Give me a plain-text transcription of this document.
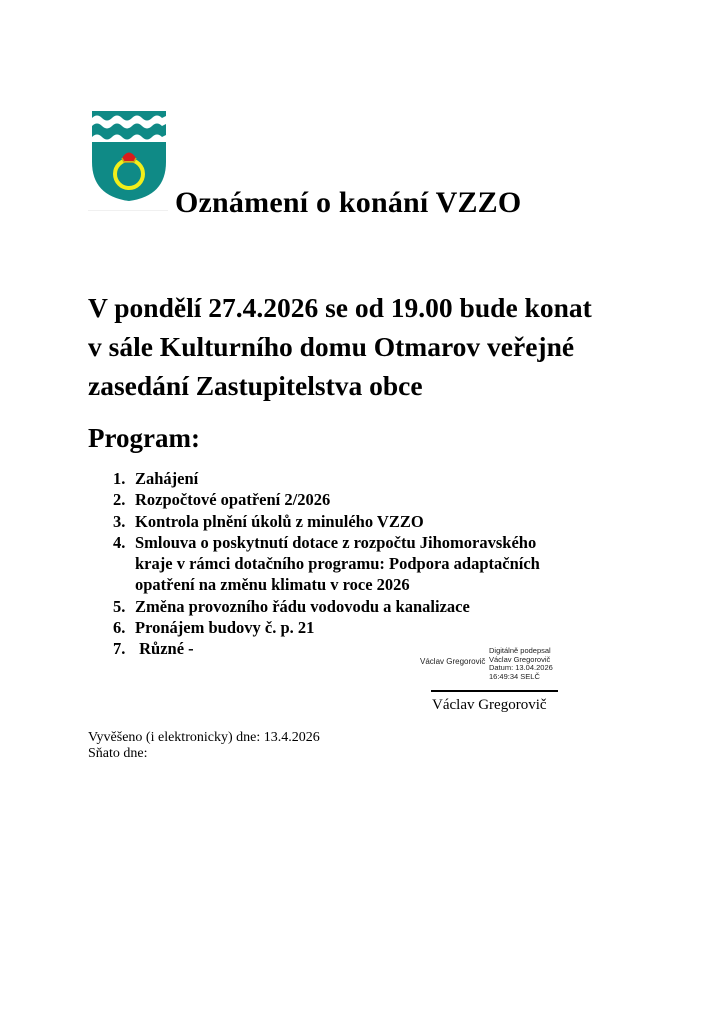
Oznámení o konání VZZO
V pondělí 27.4.2026 se od 19.00 bude konat
v sále Kulturního domu Otmarov veřejné
zasedání Zastupitelstva obce
Program:
1. Zahájení
2. Rozpočtové opatření 2/2026
3. Kontrola plnění úkolů z minulého VZZO
4. Smlouva o poskytnutí dotace z rozpočtu Jihomoravského kraje v rámci dotačního programu: Podpora adaptačních opatření na změnu klimatu v roce 2026
5. Změna provozního řádu vodovodu a kanalizace
6. Pronájem budovy č. p. 21
7. Různé -
Václav Gregorovič
Digitálně podepsal
Václav Gregorovič
Datum: 13.04.2026
16:49:34 SELČ
Václav Gregorovič
Vyvěšeno (i elektronicky) dne: 13.4.2026
Sňato dne:
